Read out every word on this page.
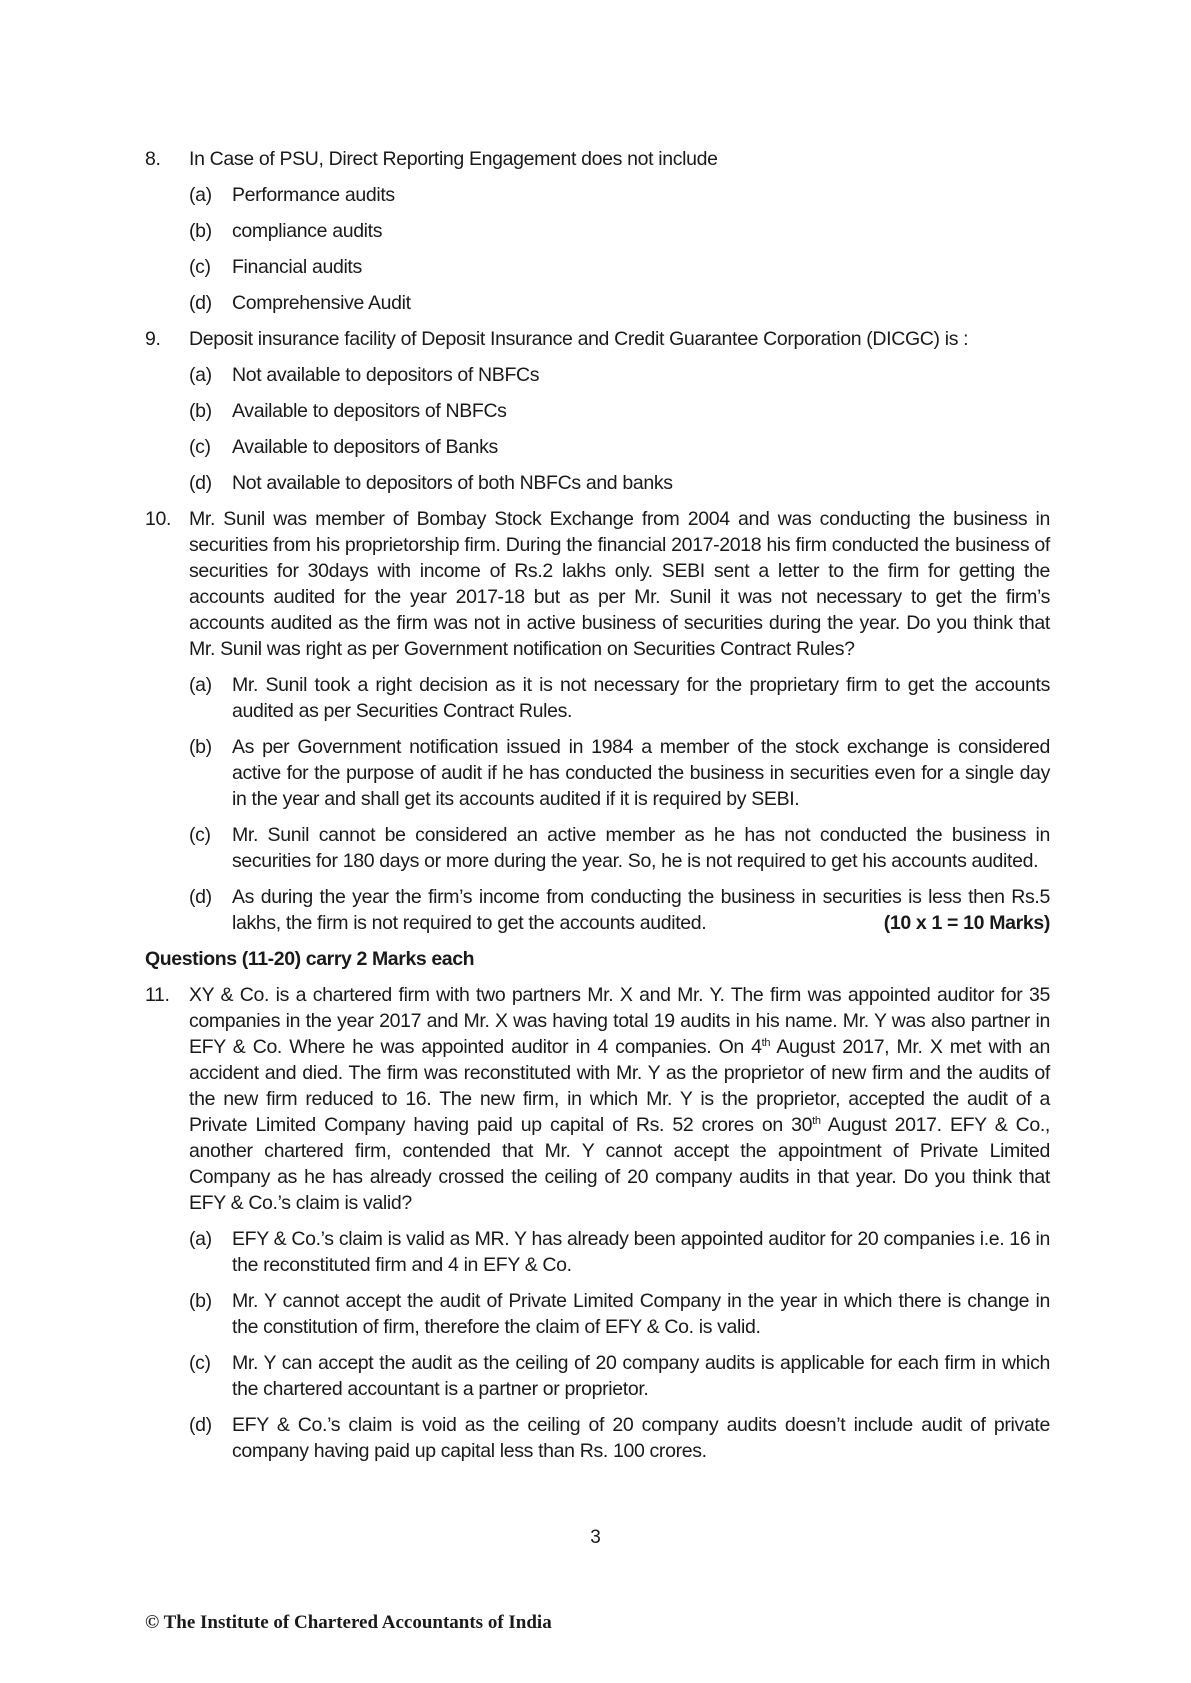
8. In Case of PSU, Direct Reporting Engagement does not include
(a) Performance audits
(b) compliance audits
(c) Financial audits
(d) Comprehensive Audit
9. Deposit insurance facility of Deposit Insurance and Credit Guarantee Corporation (DICGC) is :
(a) Not available to depositors of NBFCs
(b) Available to depositors of NBFCs
(c) Available to depositors of Banks
(d) Not available to depositors of both NBFCs and banks
10. Mr. Sunil was member of Bombay Stock Exchange from 2004 and was conducting the business in securities from his proprietorship firm. During the financial 2017-2018 his firm conducted the business of securities for 30days with income of Rs.2 lakhs only. SEBI sent a letter to the firm for getting the accounts audited for the year 2017-18 but as per Mr. Sunil it was not necessary to get the firm’s accounts audited as the firm was not in active business of securities during the year. Do you think that Mr. Sunil was right as per Government notification on Securities Contract Rules?
(a) Mr. Sunil took a right decision as it is not necessary for the proprietary firm to get the accounts audited as per Securities Contract Rules.
(b) As per Government notification issued in 1984 a member of the stock exchange is considered active for the purpose of audit if he has conducted the business in securities even for a single day in the year and shall get its accounts audited if it is required by SEBI.
(c) Mr. Sunil cannot be considered an active member as he has not conducted the business in securities for 180 days or more during the year. So, he is not required to get his accounts audited.
(d) As during the year the firm’s income from conducting the business in securities is less then Rs.5 lakhs, the firm is not required to get the accounts audited.	(10 x 1 = 10 Marks)
Questions (11-20) carry 2 Marks each
11. XY & Co. is a chartered firm with two partners Mr. X and Mr. Y. The firm was appointed auditor for 35 companies in the year 2017 and Mr. X was having total 19 audits in his name. Mr. Y was also partner in EFY & Co. Where he was appointed auditor in 4 companies. On 4th August 2017, Mr. X met with an accident and died. The firm was reconstituted with Mr. Y as the proprietor of new firm and the audits of the new firm reduced to 16. The new firm, in which Mr. Y is the proprietor, accepted the audit of a Private Limited Company having paid up capital of Rs. 52 crores on 30th August 2017. EFY & Co., another chartered firm, contended that Mr. Y cannot accept the appointment of Private Limited Company as he has already crossed the ceiling of 20 company audits in that year. Do you think that EFY & Co.’s claim is valid?
(a) EFY & Co.’s claim is valid as MR. Y has already been appointed auditor for 20 companies i.e. 16 in the reconstituted firm and 4 in EFY & Co.
(b) Mr. Y cannot accept the audit of Private Limited Company in the year in which there is change in the constitution of firm, therefore the claim of EFY & Co. is valid.
(c) Mr. Y can accept the audit as the ceiling of 20 company audits is applicable for each firm in which the chartered accountant is a partner or proprietor.
(d) EFY & Co.’s claim is void as the ceiling of 20 company audits doesn’t include audit of private company having paid up capital less than Rs. 100 crores.
3
© The Institute of Chartered Accountants of India
